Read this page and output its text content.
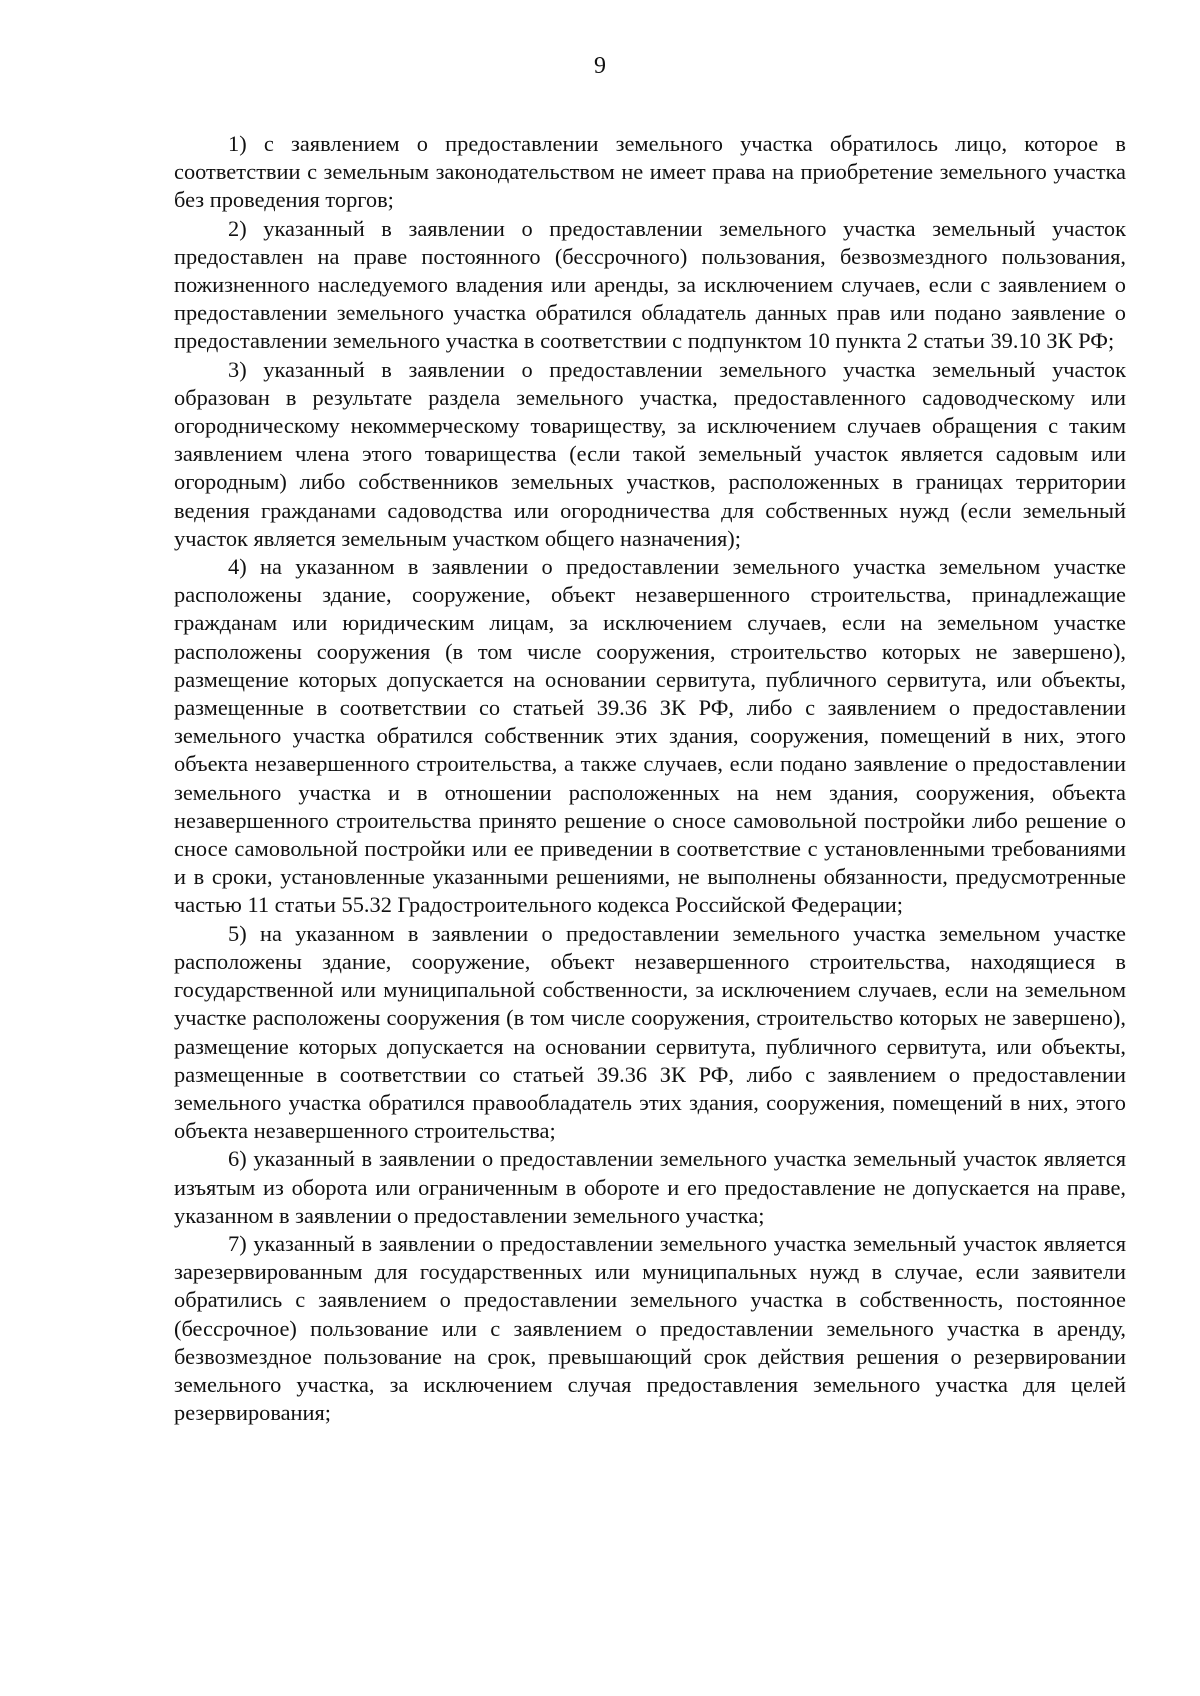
9

1) с заявлением о предоставлении земельного участка обратилось лицо, которое в соответствии с земельным законодательством не имеет права на приобретение земельного участка без проведения торгов;

2) указанный в заявлении о предоставлении земельного участка земельный участок предоставлен на праве постоянного (бессрочного) пользования, безвозмездного пользования, пожизненного наследуемого владения или аренды, за исключением случаев, если с заявлением о предоставлении земельного участка обратился обладатель данных прав или подано заявление о предоставлении земельного участка в соответствии с подпунктом 10 пункта 2 статьи 39.10 ЗК РФ;

3) указанный в заявлении о предоставлении земельного участка земельный участок образован в результате раздела земельного участка, предоставленного садоводческому или огородническому некоммерческому товариществу, за исключением случаев обращения с таким заявлением члена этого товарищества (если такой земельный участок является садовым или огородным) либо собственников земельных участков, расположенных в границах территории ведения гражданами садоводства или огородничества для собственных нужд (если земельный участок является земельным участком общего назначения);

4) на указанном в заявлении о предоставлении земельного участка земельном участке расположены здание, сооружение, объект незавершенного строительства, принадлежащие гражданам или юридическим лицам, за исключением случаев, если на земельном участке расположены сооружения (в том числе сооружения, строительство которых не завершено), размещение которых допускается на основании сервитута, публичного сервитута, или объекты, размещенные в соответствии со статьей 39.36 ЗК РФ, либо с заявлением о предоставлении земельного участка обратился собственник этих здания, сооружения, помещений в них, этого объекта незавершенного строительства, а также случаев, если подано заявление о предоставлении земельного участка и в отношении расположенных на нем здания, сооружения, объекта незавершенного строительства принято решение о сносе самовольной постройки либо решение о сносе самовольной постройки или ее приведении в соответствие с установленными требованиями и в сроки, установленные указанными решениями, не выполнены обязанности, предусмотренные частью 11 статьи 55.32 Градостроительного кодекса Российской Федерации;

5) на указанном в заявлении о предоставлении земельного участка земельном участке расположены здание, сооружение, объект незавершенного строительства, находящиеся в государственной или муниципальной собственности, за исключением случаев, если на земельном участке расположены сооружения (в том числе сооружения, строительство которых не завершено), размещение которых допускается на основании сервитута, публичного сервитута, или объекты, размещенные в соответствии со статьей 39.36 ЗК РФ, либо с заявлением о предоставлении земельного участка обратился правообладатель этих здания, сооружения, помещений в них, этого объекта незавершенного строительства;

6) указанный в заявлении о предоставлении земельного участка земельный участок является изъятым из оборота или ограниченным в обороте и его предоставление не допускается на праве, указанном в заявлении о предоставлении земельного участка;

7) указанный в заявлении о предоставлении земельного участка земельный участок является зарезервированным для государственных или муниципальных нужд в случае, если заявители обратились с заявлением о предоставлении земельного участка в собственность, постоянное (бессрочное) пользование или с заявлением о предоставлении земельного участка в аренду, безвозмездное пользование на срок, превышающий срок действия решения о резервировании земельного участка, за исключением случая предоставления земельного участка для целей резервирования;
